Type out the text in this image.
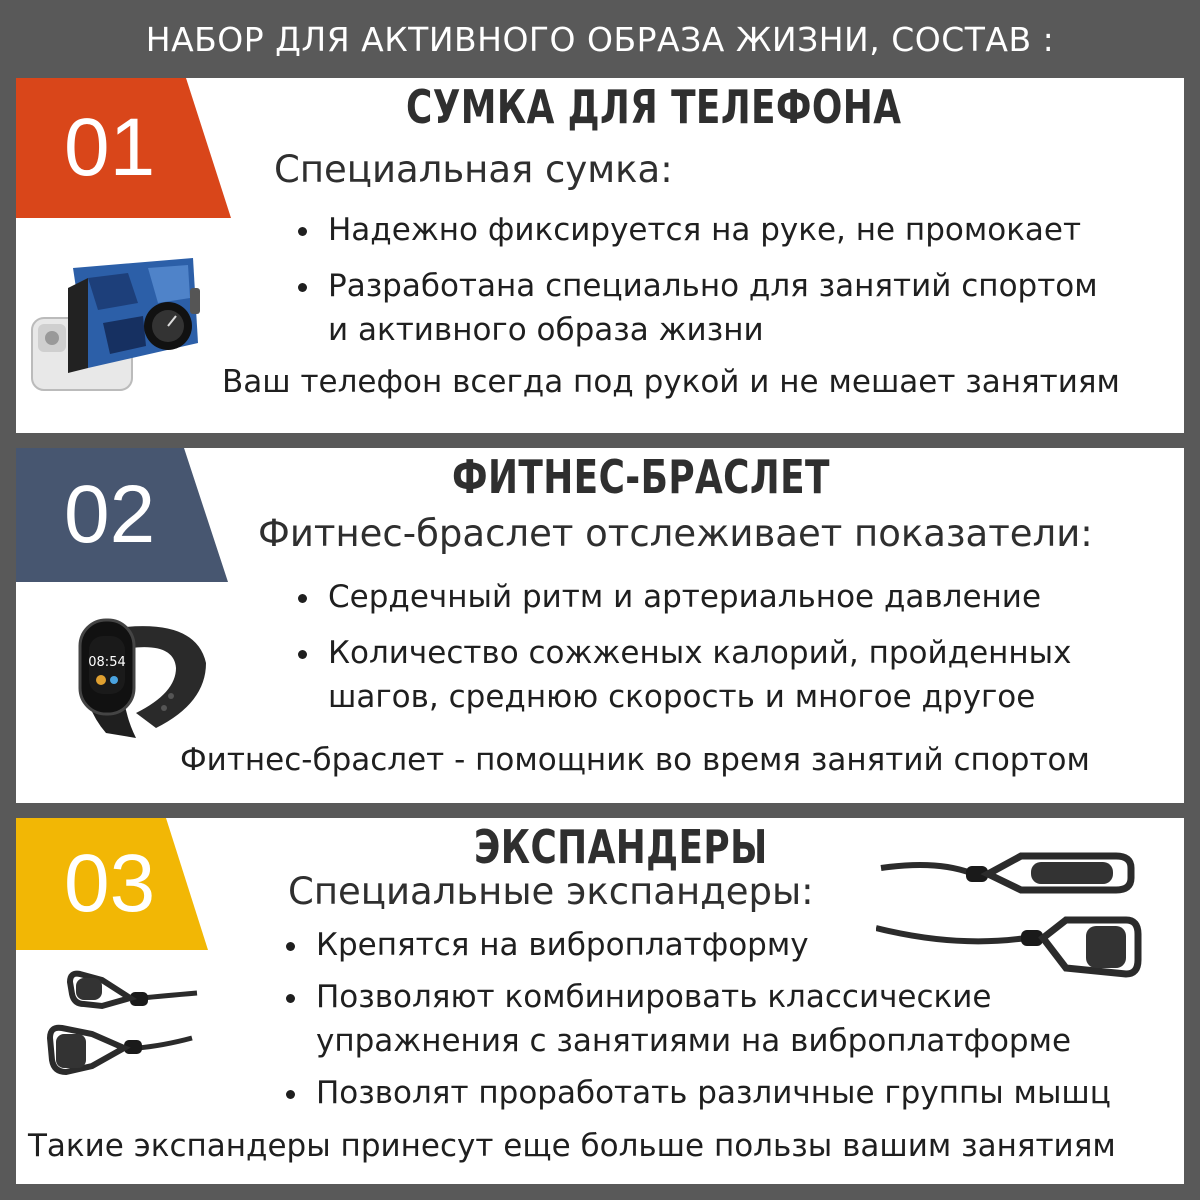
НАБОР ДЛЯ АКТИВНОГО ОБРАЗА ЖИЗНИ, СОСТАВ :
01	СУМКА ДЛЯ ТЕЛЕФОНА
Специальная сумка:
Надежно фиксируется на руке, не промокает
Разработана специально для занятий спортом
и активного образа жизни
Ваш телефон всегда под рукой и не мешает занятиям
02	ФИТНЕС-БРАСЛЕТ
Фитнес-браслет отслеживает показатели:
Сердечный ритм и артериальное давление
Количество сожженых калорий, пройденных
шагов, среднюю скорость и многое другое
Фитнес-браслет - помощник во время занятий спортом
08:54
03	ЭКСПАНДЕРЫ
Специальные экспандеры:
Крепятся на виброплатформу
Позволяют комбинировать классические
упражнения с занятиями на виброплатформе
Позволят проработать различные группы мышц
Такие экспандеры принесут еще больше пользы вашим занятиям
